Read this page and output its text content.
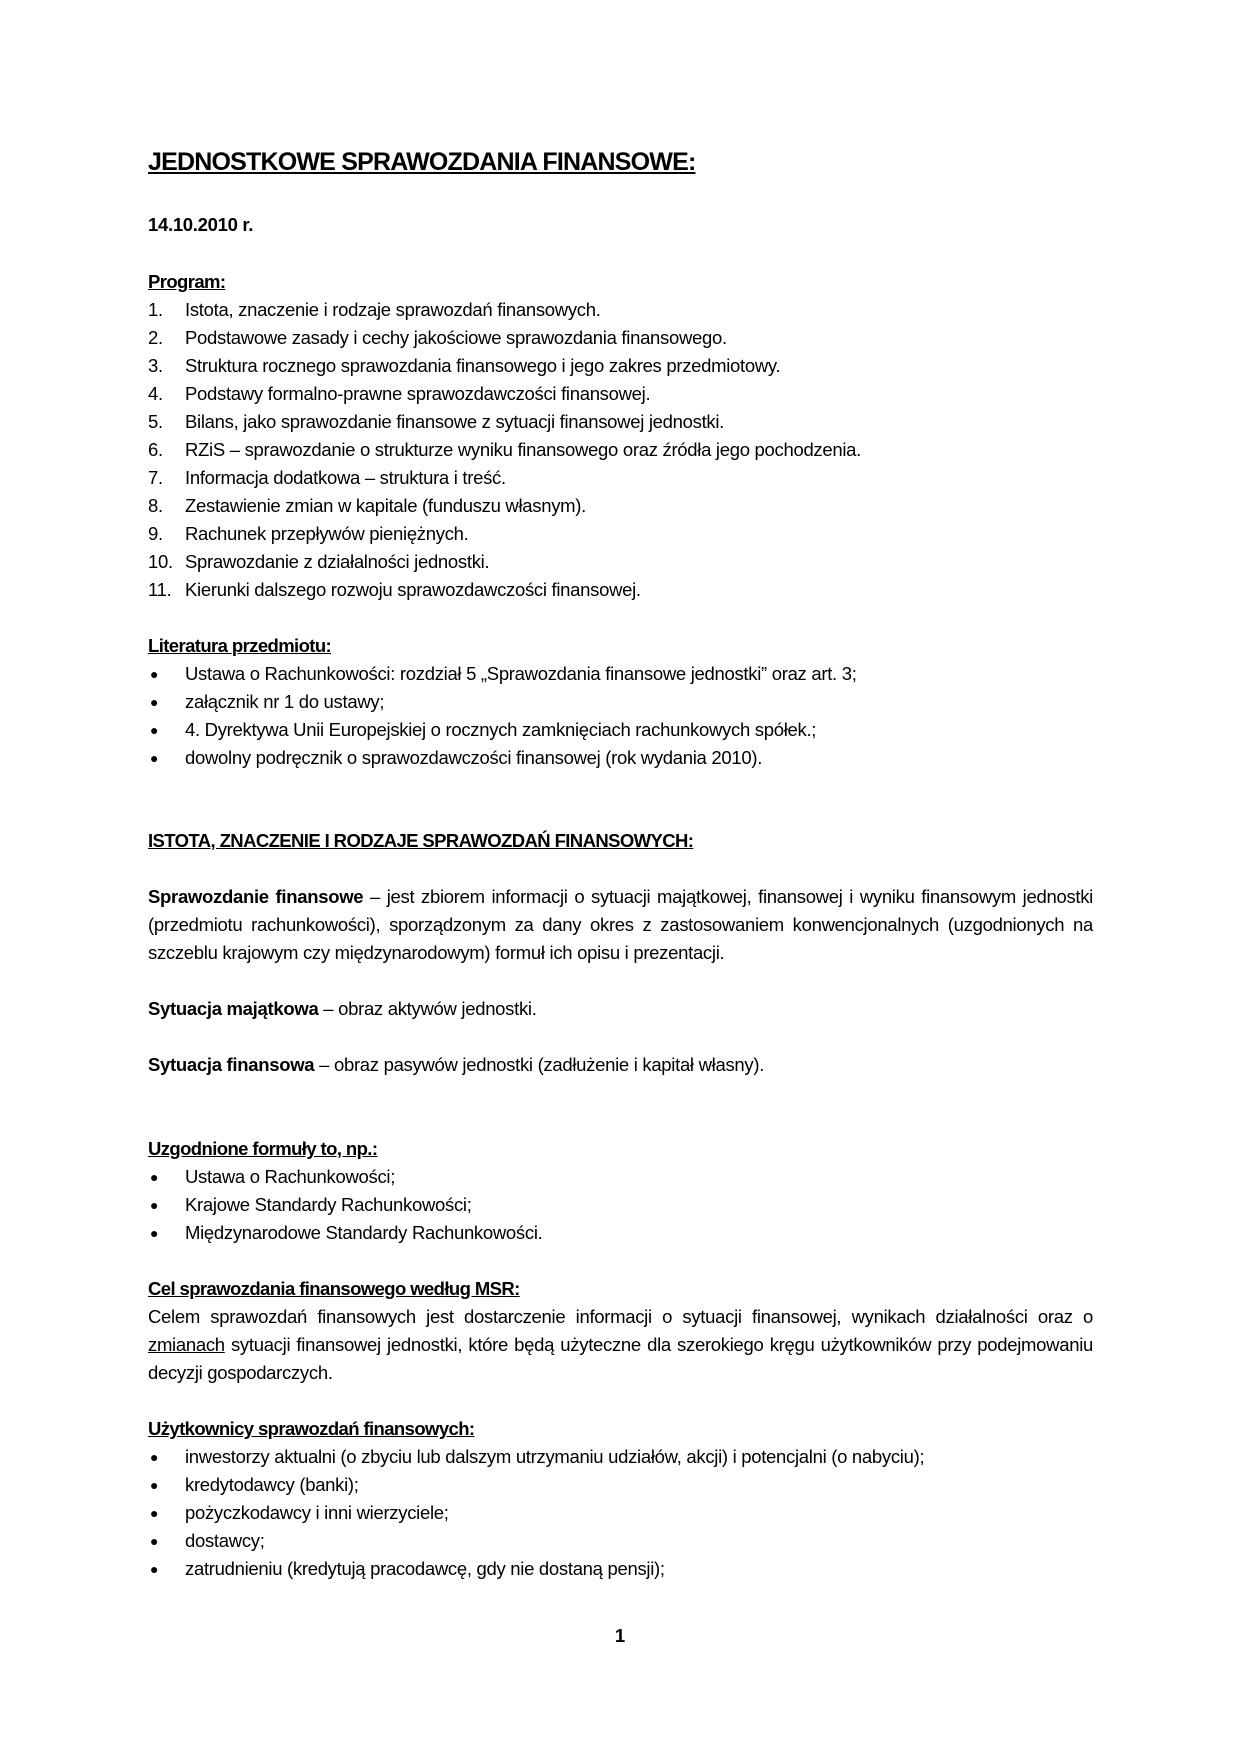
JEDNOSTKOWE SPRAWOZDANIA FINANSOWE:
14.10.2010 r.
Program:
1. Istota, znaczenie i rodzaje sprawozdań finansowych.
2. Podstawowe zasady i cechy jakościowe sprawozdania finansowego.
3. Struktura rocznego sprawozdania finansowego i jego zakres przedmiotowy.
4. Podstawy formalno-prawne sprawozdawczości finansowej.
5. Bilans, jako sprawozdanie finansowe z sytuacji finansowej jednostki.
6. RZiS – sprawozdanie o strukturze wyniku finansowego oraz źródła jego pochodzenia.
7. Informacja dodatkowa – struktura i treść.
8. Zestawienie zmian w kapitale (funduszu własnym).
9. Rachunek przepływów pieniężnych.
10. Sprawozdanie z działalności jednostki.
11. Kierunki dalszego rozwoju sprawozdawczości finansowej.
Literatura przedmiotu:
● Ustawa o Rachunkowości: rozdział 5 „Sprawozdania finansowe jednostki” oraz art. 3;
● załącznik nr 1 do ustawy;
● 4. Dyrektywa Unii Europejskiej o rocznych zamknięciach rachunkowych spółek.;
● dowolny podręcznik o sprawozdawczości finansowej (rok wydania 2010).
ISTOTA, ZNACZENIE I RODZAJE SPRAWOZDAŃ FINANSOWYCH:

Sprawozdanie finansowe – jest zbiorem informacji o sytuacji majątkowej, finansowej i wyniku finansowym jednostki (przedmiotu rachunkowości), sporządzonym za dany okres z zastosowaniem konwencjonalnych (uzgodnionych na szczeblu krajowym czy międzynarodowym) formuł ich opisu i prezentacji.

Sytuacja majątkowa – obraz aktywów jednostki.

Sytuacja finansowa – obraz pasywów jednostki (zadłużenie i kapitał własny).

Uzgodnione formuły to, np.:
● Ustawa o Rachunkowości;
● Krajowe Standardy Rachunkowości;
● Międzynarodowe Standardy Rachunkowości.
Cel sprawozdania finansowego według MSR:

Celem sprawozdań finansowych jest dostarczenie informacji o sytuacji finansowej, wynikach działalności oraz o zmianach sytuacji finansowej jednostki, które będą użyteczne dla szerokiego kręgu użytkowników przy podejmowaniu decyzji gospodarczych.

Użytkownicy sprawozdań finansowych:
● inwestorzy aktualni (o zbyciu lub dalszym utrzymaniu udziałów, akcji) i potencjalni (o nabyciu);
● kredytodawcy (banki);
● pożyczkodawcy i inni wierzyciele;
● dostawcy;
● zatrudnieniu (kredytują pracodawcę, gdy nie dostaną pensji);
1
